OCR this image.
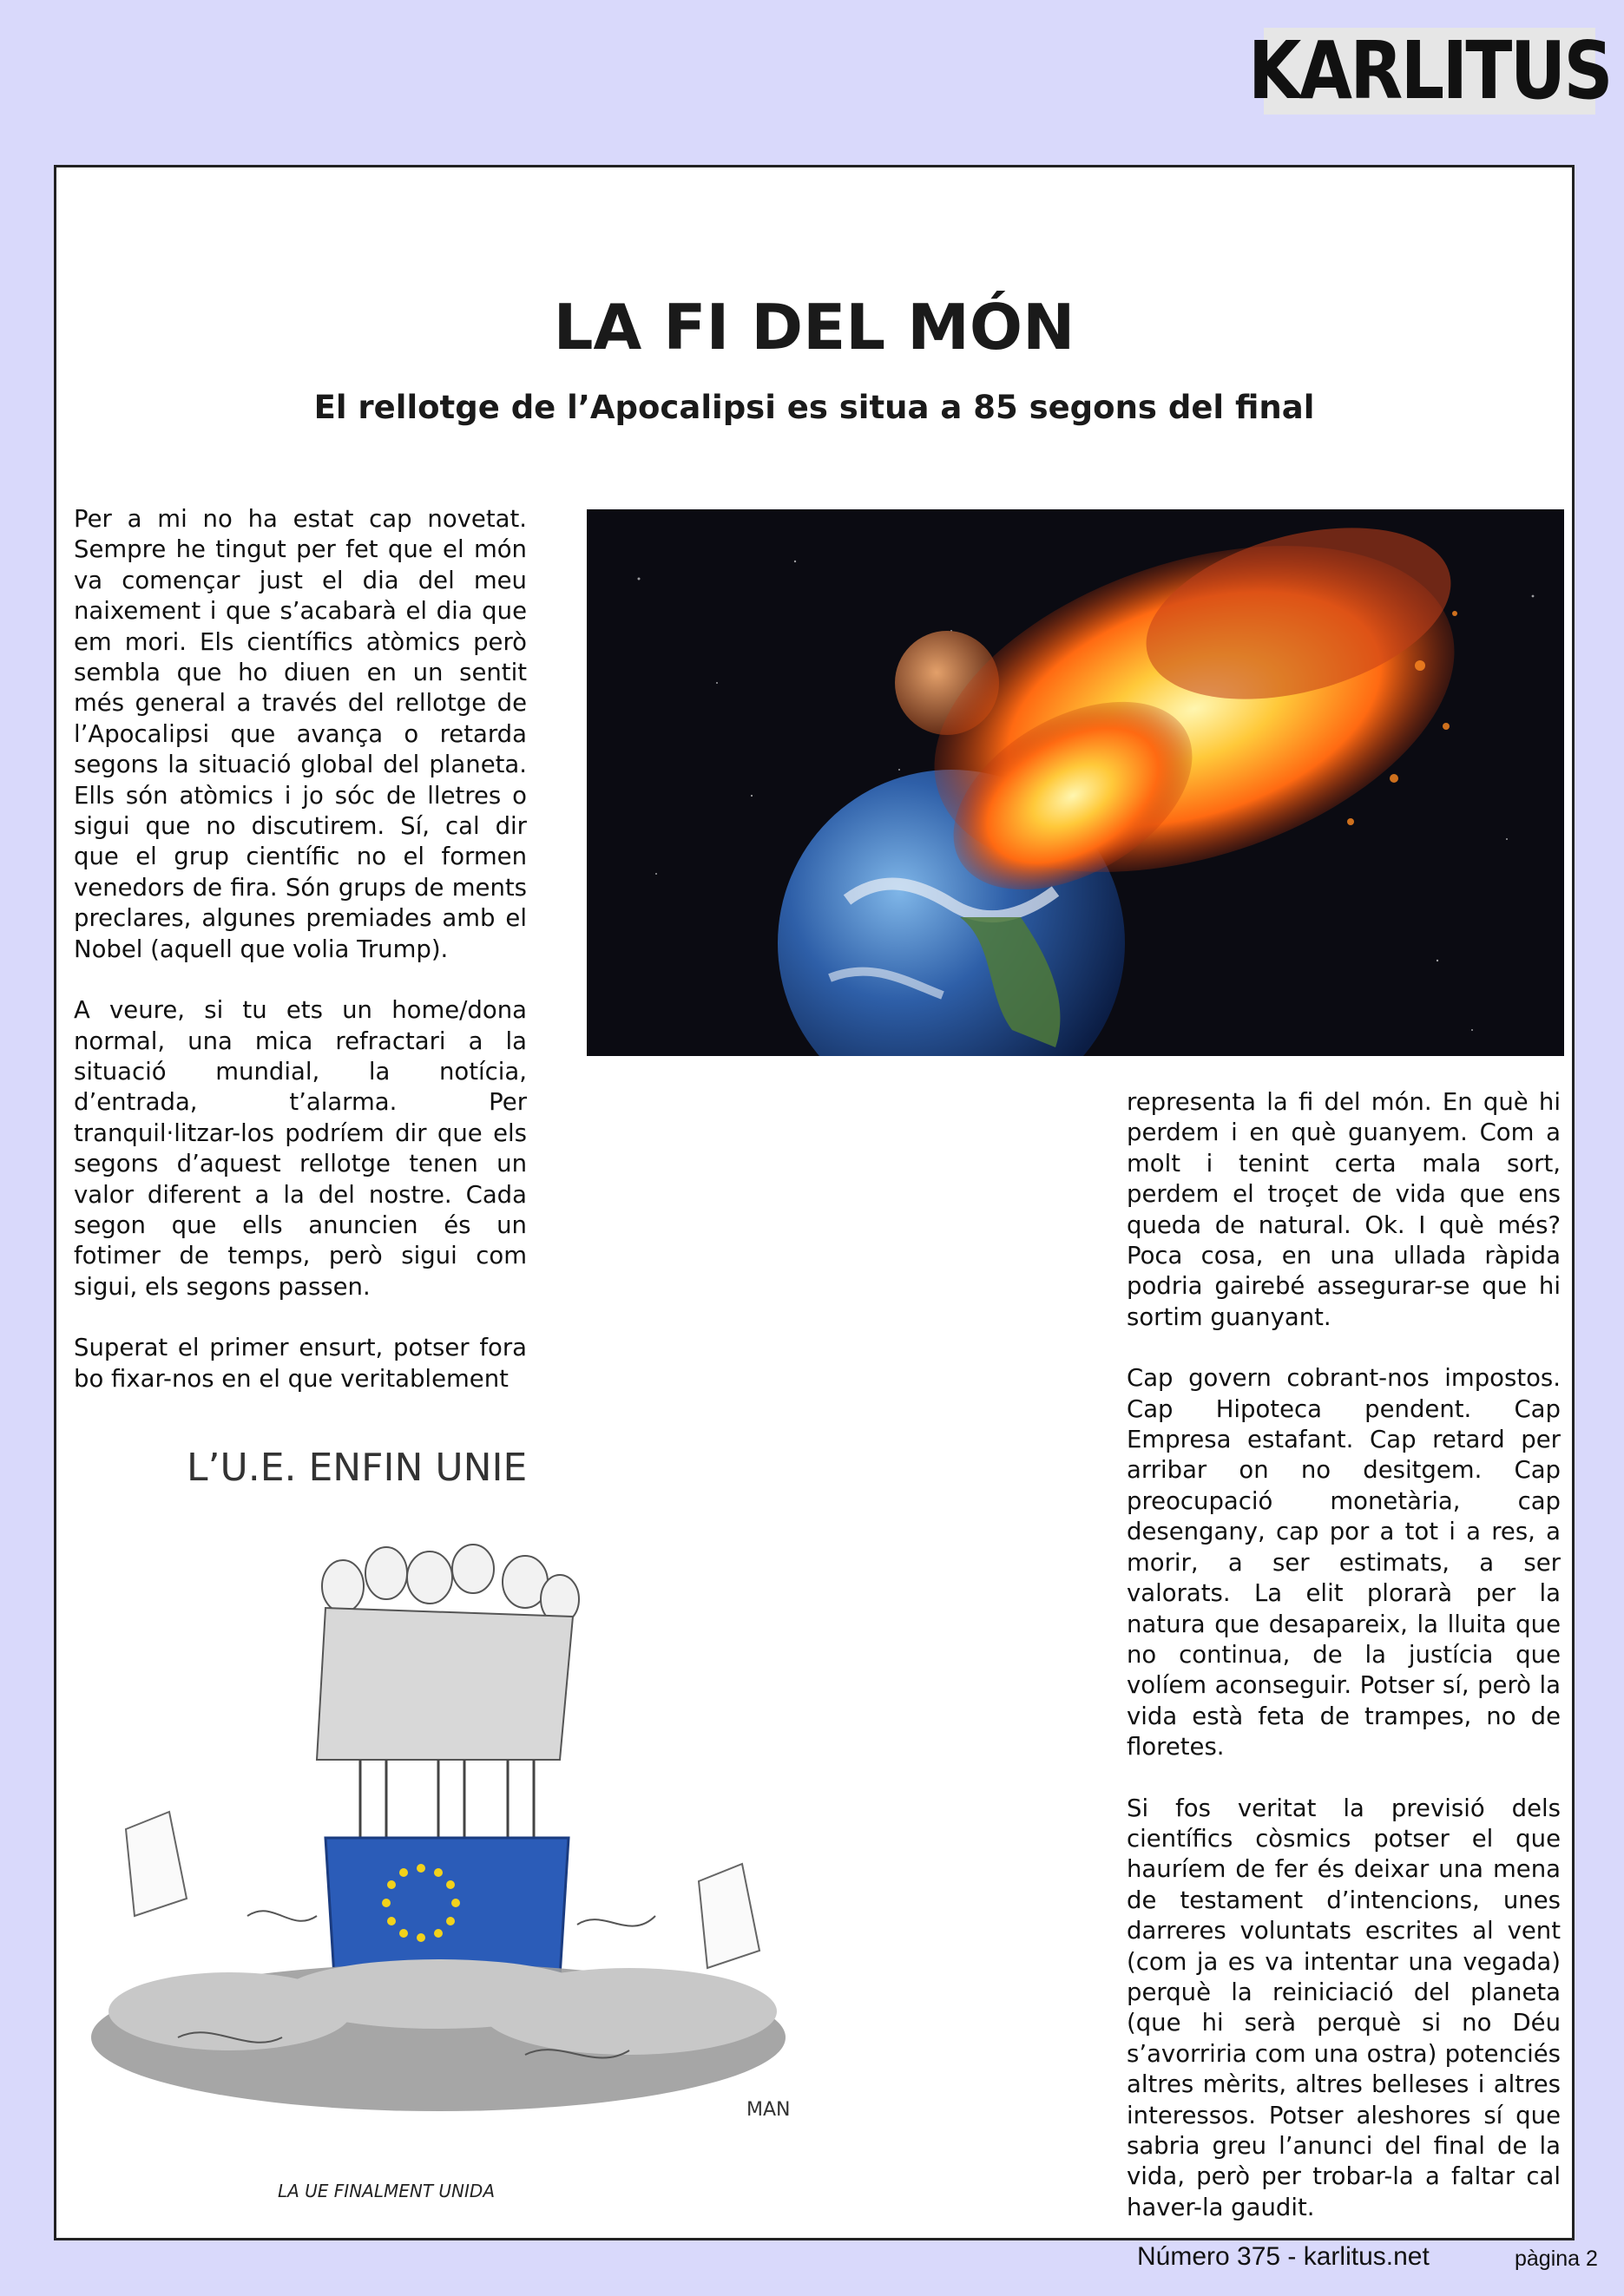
KARLITUS
LA FI DEL MÓN
El rellotge de l’Apocalipsi es situa a 85 segons del final

Per a mi no ha estat cap novetat. Sempre he tingut per fet que el món va començar just el dia del meu naixement i que s’acabarà el dia que em mori. Els científics atòmics però sembla que ho diuen en un sentit més general a través del rellotge de l’Apocalipsi que avança o retarda segons la situació global del planeta. Ells són atòmics i jo sóc de lletres o sigui que no discutirem. Sí, cal dir que el grup científic no el formen venedors de fira. Són grups de ments preclares, algunes premiades amb el Nobel (aquell que volia Trump).

A veure, si tu ets un home/dona normal, una mica refractari a la situació mundial, la notícia, d’entrada, t’alarma. Per tranquil·litzar-los podríem dir que els segons d’aquest rellotge tenen un valor diferent a la del nostre. Cada segon que ells anuncien és un fotimer de temps, però sigui com sigui, els segons passen.

Superat el primer ensurt, potser fora bo fixar-nos en el que veritablement

representa la fi del món. En què hi perdem i en què guanyem. Com a molt i tenint certa mala sort, perdem el troçet de vida que ens queda de natural. Ok. I què més? Poca cosa, en una ullada ràpida podria gairebé assegurar-se que hi sortim guanyant.

Cap govern cobrant-nos impostos. Cap Hipoteca pendent. Cap Empresa estafant. Cap retard per arribar on no desitgem. Cap preocupació monetària, cap desengany, cap por a tot i a res, a morir, a ser estimats, a ser valorats. La elit plorarà per la natura que desapareix, la lluita que no continua, de la justícia que volíem aconseguir. Potser sí, però la vida està feta de trampes, no de floretes.

Si fos veritat la previsió dels científics còsmics potser el que hauríem de fer és deixar una mena de testament d’intencions, unes darreres voluntats escrites al vent (com ja es va intentar una vegada) perquè la reiniciació del planeta (que hi serà perquè si no Déu s’avorriria com una ostra) potenciés altres mèrits, altres belleses i altres interessos. Potser aleshores sí que sabria greu l’anunci del final de la vida, però per trobar-la a faltar cal haver-la gaudit.

L’U.E. ENFIN UNIE
MAN
LA UE FINALMENT UNIDA
Número 375 - karlitus.net	pàgina 2
